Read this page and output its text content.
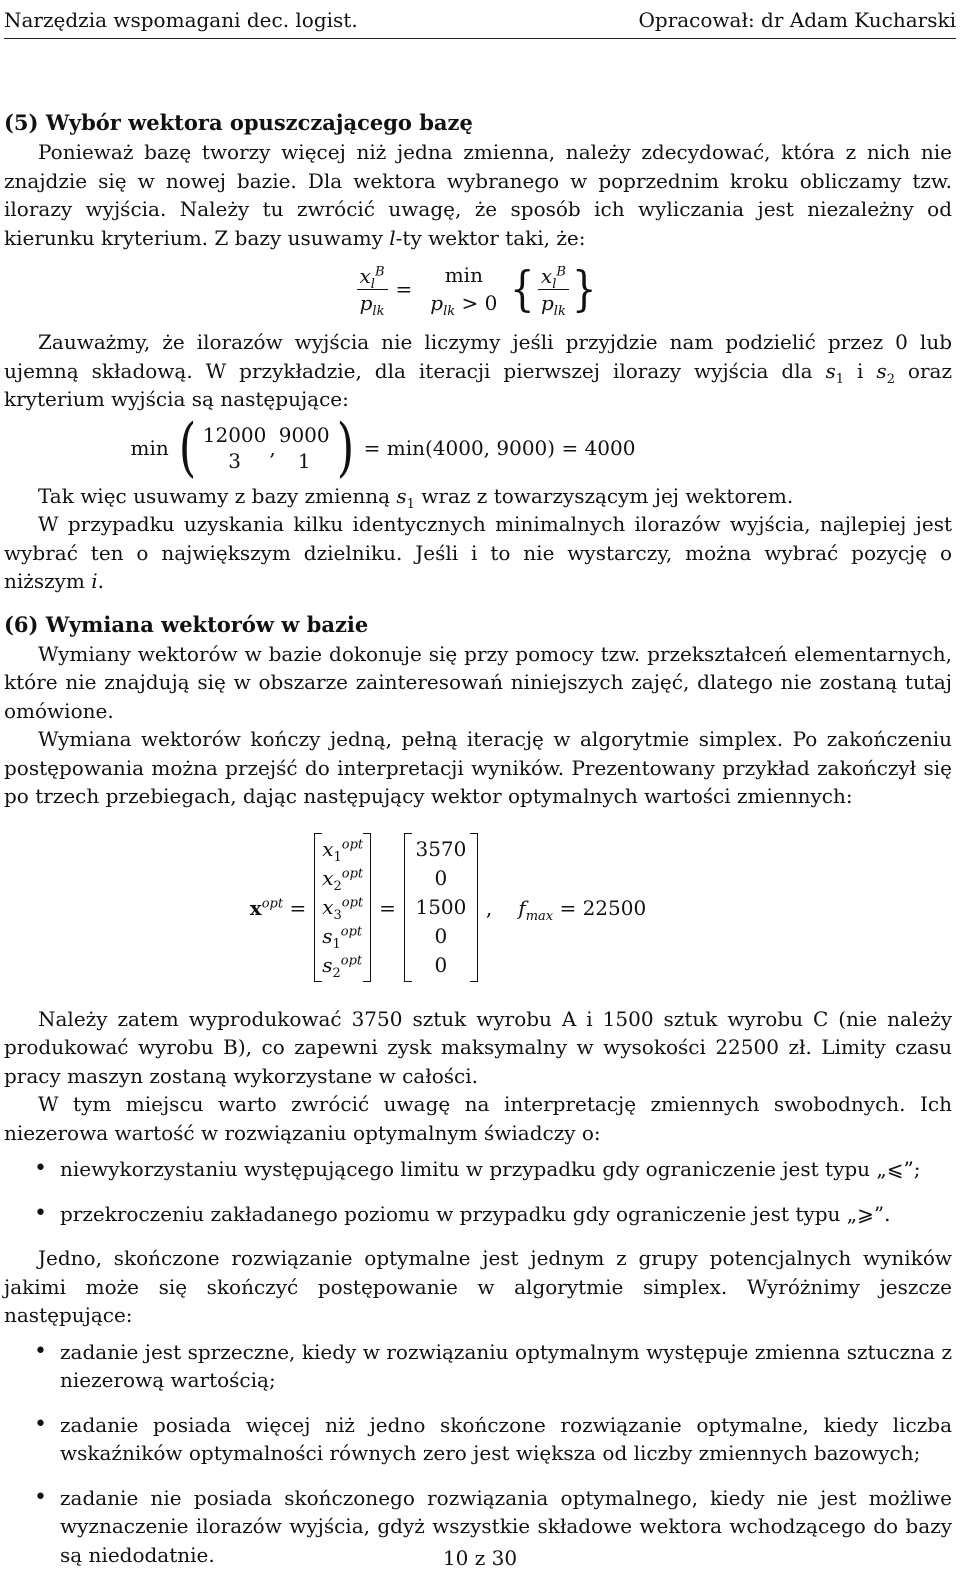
Narzędzia wspomagani dec. logist.	Opracował: dr Adam Kucharski
(5) Wybór wektora opuszczającego bazę

Ponieważ bazę tworzy więcej niż jedna zmienna, należy zdecydować, która z nich nie znajdzie się w nowej bazie. Dla wektora wybranego w poprzednim kroku obliczamy tzw. ilorazy wyjścia. Należy tu zwrócić uwagę, że sposób ich wyliczania jest niezależny od kierunku kryterium. Z bazy usuwamy l-ty wektor taki, że:

$\frac{x_l^B}{p_{lk}}$ =
min
$p_{lk} > 0$ { $\frac{x_l^B}{p_{lk}}$ }

Zauważmy, że ilorazów wyjścia nie liczymy jeśli przyjdzie nam podzielić przez 0 lub ujemną składową. W przykładzie, dla iteracji pierwszej ilorazy wyjścia dla $s_1$ i $s_2$ oraz kryterium wyjścia są następujące:

min ( 12000
3
,
9000
1 ) = min(4000, 9000) = 4000

Tak więc usuwamy z bazy zmienną $s_1$ wraz z towarzyszącym jej wektorem.

W przypadku uzyskania kilku identycznych minimalnych ilorazów wyjścia, najlepiej jest wybrać ten o największym dzielniku. Jeśli i to nie wystarczy, można wybrać pozycję o niższym i.

(6) Wymiana wektorów w bazie

Wymiany wektorów w bazie dokonuje się przy pomocy tzw. przekształceń elementarnych, które nie znajdują się w obszarze zainteresowań niniejszych zajęć, dlatego nie zostaną tutaj omówione.

Wymiana wektorów kończy jedną, pełną iterację w algorytmie simplex. Po zakończeniu postępowania można przejść do interpretacji wyników. Prezentowany przykład zakończył się po trzech przebiegach, dając następujący wektor optymalnych wartości zmiennych:

$x^{opt}$ =
$x_1^{opt}$
$x_2^{opt}$
$x_3^{opt}$
$s_1^{opt}$
$s_2^{opt}$
=
3570
0
1500
0
0
, $f_{max} = 22500$

Należy zatem wyprodukować 3750 sztuk wyrobu A i 1500 sztuk wyrobu C (nie należy produkować wyrobu B), co zapewni zysk maksymalny w wysokości 22500 zł. Limity czasu pracy maszyn zostaną wykorzystane w całości.

W tym miejscu warto zwrócić uwagę na interpretację zmiennych swobodnych. Ich niezerowa wartość w rozwiązaniu optymalnym świadczy o:

• niewykorzystaniu występującego limitu w przypadku gdy ograniczenie jest typu „⩽”;
• przekroczeniu zakładanego poziomu w przypadku gdy ograniczenie jest typu „⩾”.

Jedno, skończone rozwiązanie optymalne jest jednym z grupy potencjalnych wyników jakimi może się skończyć postępowanie w algorytmie simplex. Wyróżnimy jeszcze następujące:

• zadanie jest sprzeczne, kiedy w rozwiązaniu optymalnym występuje zmienna sztuczna z niezerową wartością;
• zadanie posiada więcej niż jedno skończone rozwiązanie optymalne, kiedy liczba wskaźników optymalności równych zero jest większa od liczby zmiennych bazowych;
• zadanie nie posiada skończonego rozwiązania optymalnego, kiedy nie jest możliwe wyznaczenie ilorazów wyjścia, gdyż wszystkie składowe wektora wchodzącego do bazy są niedodatnie.	10 z 30
